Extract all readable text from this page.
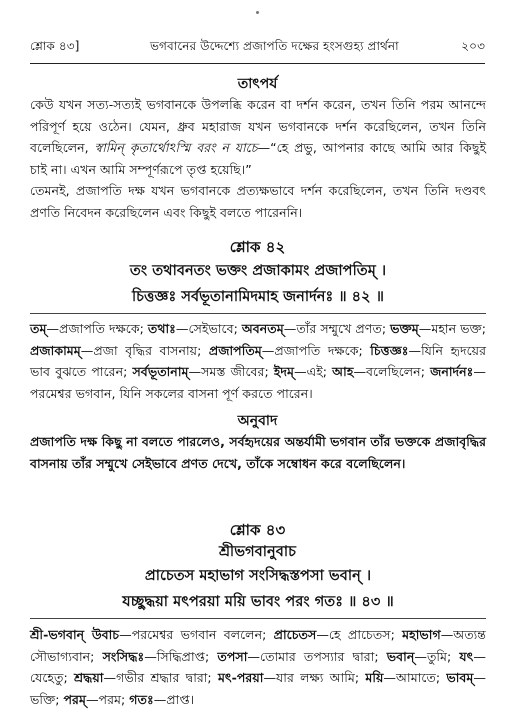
শ্লোক ৪৩]	ভগবানের উদ্দেশ্যে প্রজাপতি দক্ষের হংসগুহ্য প্রার্থনা	২০৩
তাৎপর্য
কেউ যখন সত্য-সত্যই ভগবানকে উপলব্ধি করেন বা দর্শন করেন, তখন তিনি পরম আনন্দে পরিপূর্ণ হয়ে ওঠেন। যেমন, ধ্রুব মহারাজ যখন ভগবানকে দর্শন করেছিলেন, তখন তিনি বলেছিলেন, স্বামিন্ কৃতার্থোঽস্মি বরং ন যাচে—“হে প্রভু, আপনার কাছে আমি আর কিছুই চাই না। এখন আমি সম্পূর্ণরূপে তৃপ্ত হয়েছি।”
তেমনই, প্রজাপতি দক্ষ যখন ভগবানকে প্রত্যক্ষভাবে দর্শন করেছিলেন, তখন তিনি দণ্ডবৎ প্রণতি নিবেদন করেছিলেন এবং কিছুই বলতে পারেননি।
শ্লোক ৪২
তং তথাবনতং ভক্তং প্রজাকামং প্রজাপতিম্ ।
চিত্তজ্ঞঃ সর্বভূতানামিদমাহ জনার্দনঃ ॥ ৪২ ॥
তম্—প্রজাপতি দক্ষকে; তথাঃ—সেইভাবে; অবনতম্—তাঁর সম্মুখে প্রণত; ভক্তম্—মহান ভক্ত; প্রজাকামম্—প্রজা বৃদ্ধির বাসনায়; প্রজাপতিম্—প্রজাপতি দক্ষকে; চিত্তজ্ঞঃ—যিনি হৃদয়ের ভাব বুঝতে পারেন; সর্বভূতানাম্—সমস্ত জীবের; ইদম্—এই; আহ—বলেছিলেন; জনার্দনঃ—পরমেশ্বর ভগবান, যিনি সকলের বাসনা পূর্ণ করতে পারেন।
অনুবাদ
প্রজাপতি দক্ষ কিছু না বলতে পারলেও, সর্বহৃদয়ের অন্তর্যামী ভগবান তাঁর ভক্তকে প্রজাবৃদ্ধির বাসনায় তাঁর সম্মুখে সেইভাবে প্রণত দেখে, তাঁকে সম্বোধন করে বলেছিলেন।
শ্লোক ৪৩
শ্রীভগবানুবাচ
প্রাচেতস মহাভাগ সংসিদ্ধস্তপসা ভবান্ ।
যচ্ছুদ্ধয়া মৎপরয়া ময়ি ভাবং পরং গতঃ ॥ ৪৩ ॥
শ্রী-ভগবান্ উবাচ—পরমেশ্বর ভগবান বললেন; প্রাচেতস—হে প্রাচেতস; মহাভাগ—অত্যন্ত সৌভাগ্যবান; সংসিদ্ধঃ—সিদ্ধিপ্রাপ্ত; তপসা—তোমার তপস্যার দ্বারা; ভবান্—তুমি; যৎ—যেহেতু; শ্রদ্ধয়া—গভীর শ্রদ্ধার দ্বারা; মৎ-পরয়া—যার লক্ষ্য আমি; ময়ি—আমাতে; ভাবম্—ভক্তি; পরম্—পরম; গতঃ—প্রাপ্ত।
